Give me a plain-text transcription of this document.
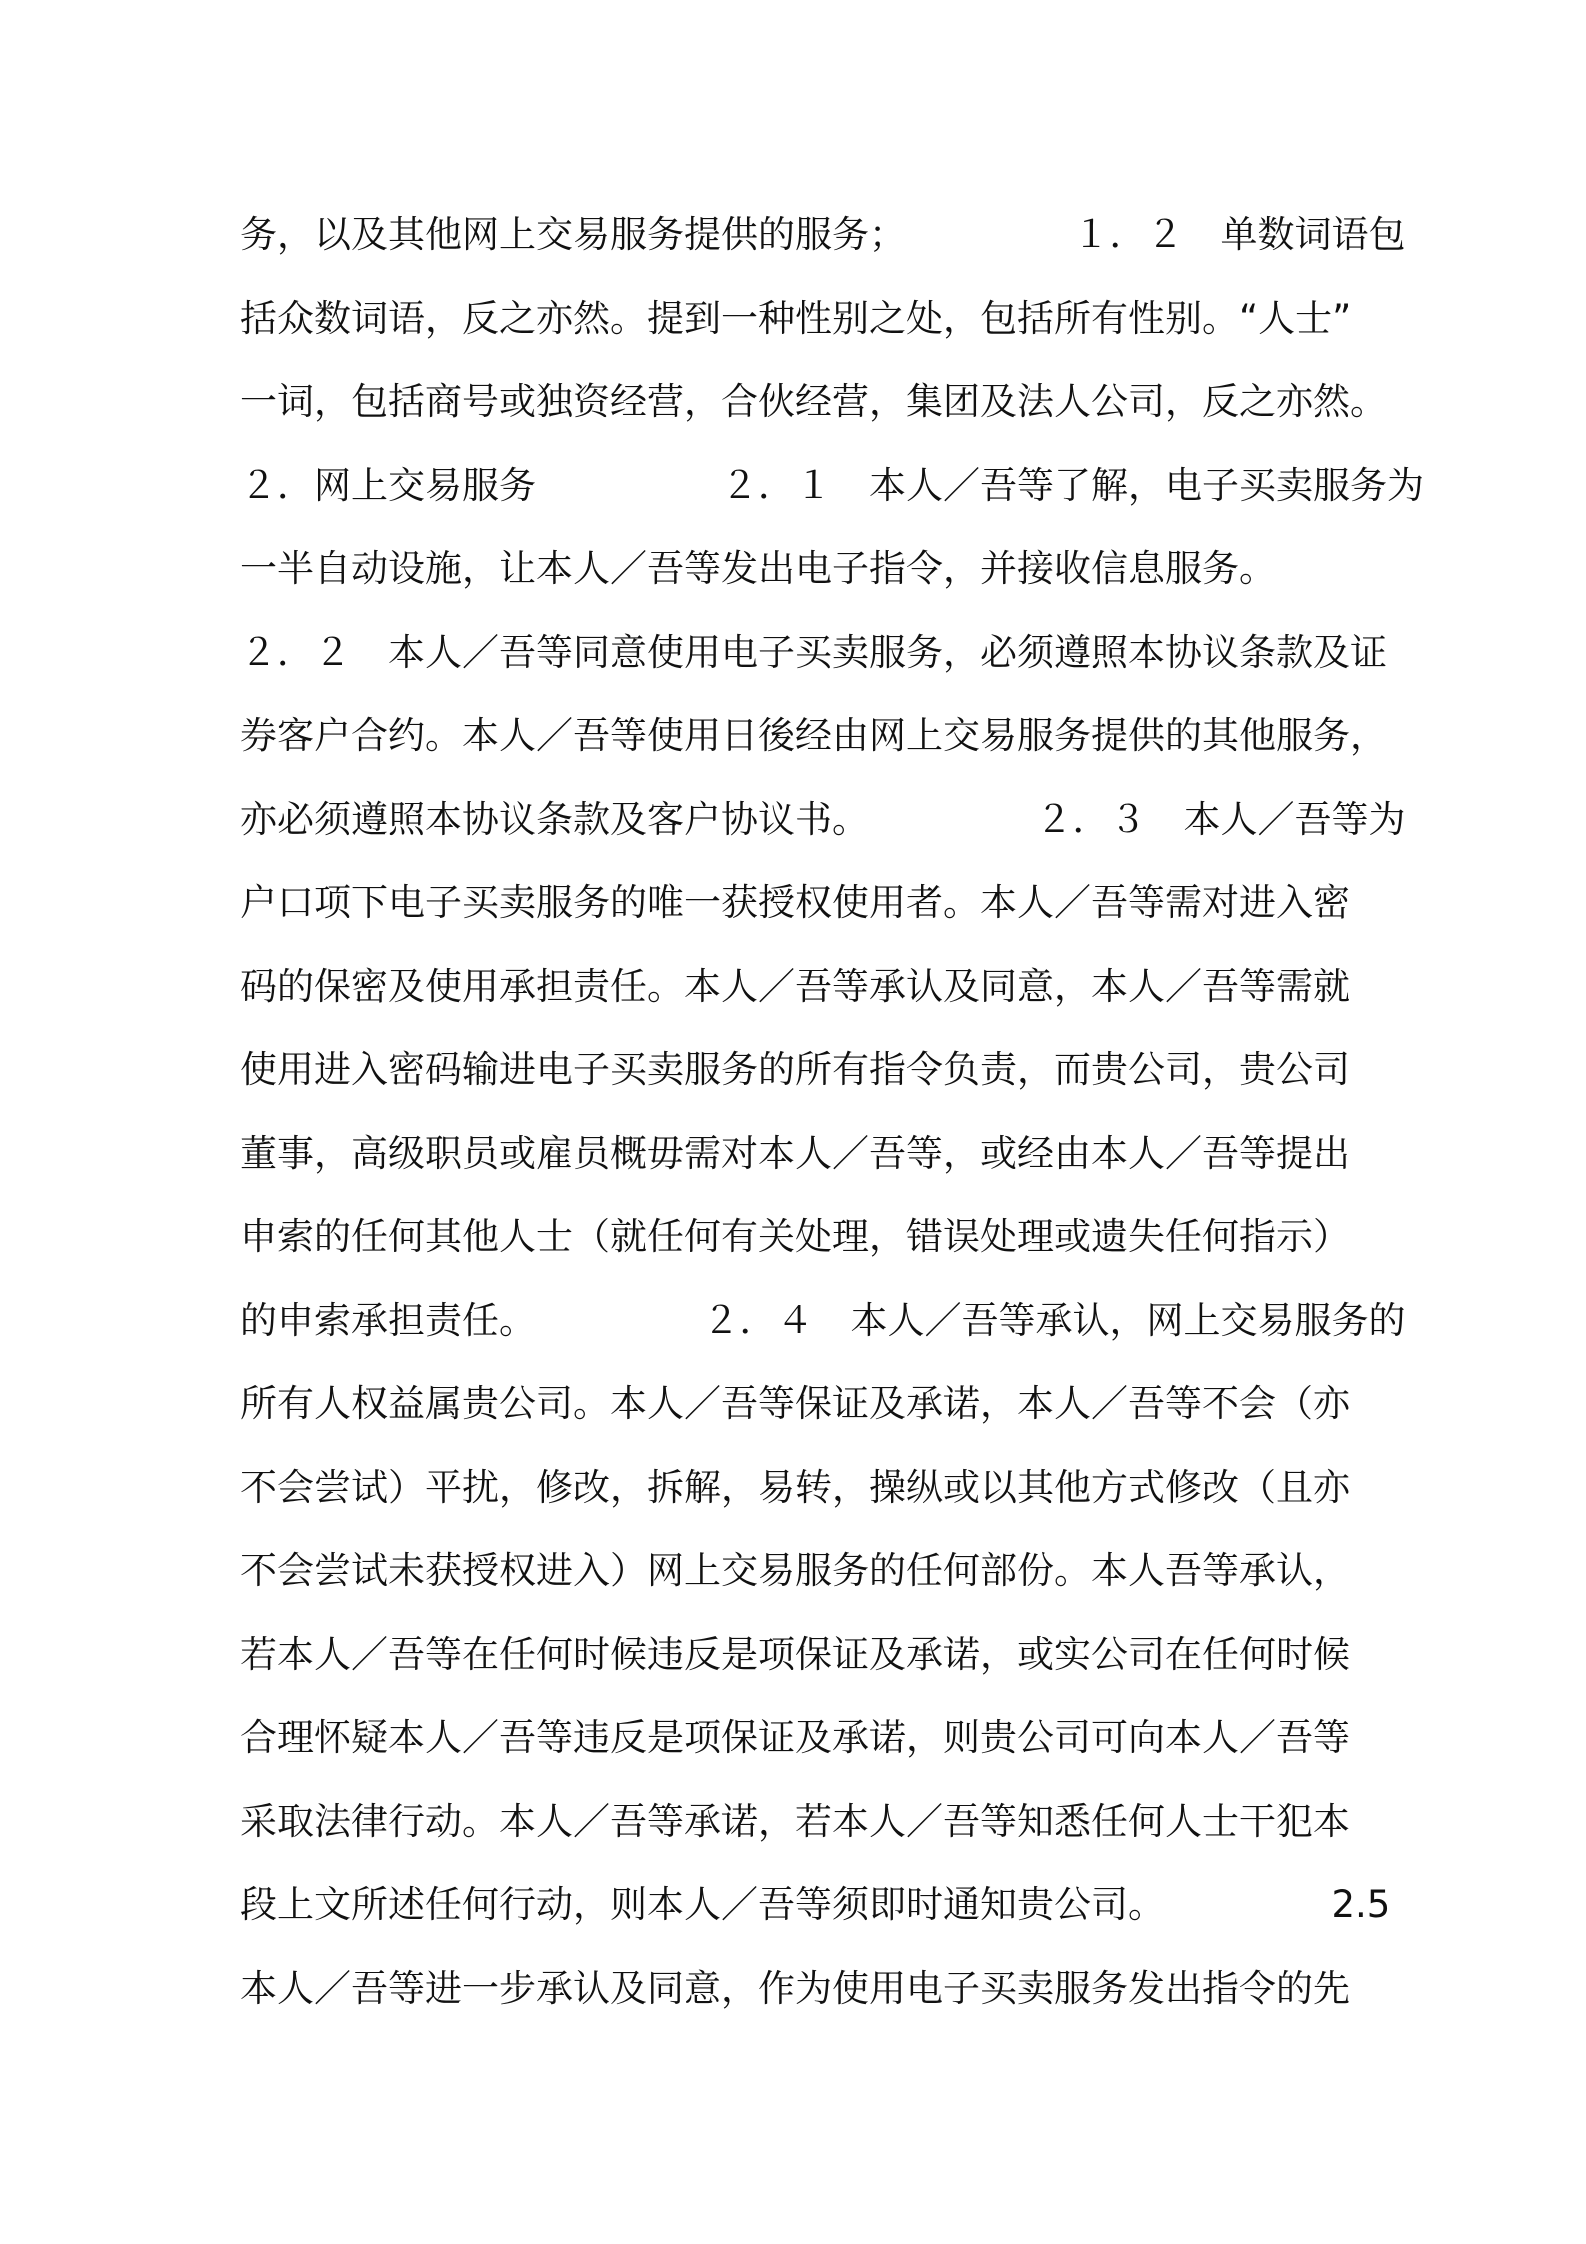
务，以及其他网上交易服务提供的服务；　　　　　１．２　单数词语包
括众数词语，反之亦然。提到一种性别之处，包括所有性别。“人士”
一词，包括商号或独资经营，合伙经营，集团及法人公司，反之亦然。
２．网上交易服务　　　　　２．１　本人／吾等了解，电子买卖服务为
一半自动设施，让本人／吾等发出电子指令，并接收信息服务。
２．２　本人／吾等同意使用电子买卖服务，必须遵照本协议条款及证
券客户合约。本人／吾等使用日後经由网上交易服务提供的其他服务，
亦必须遵照本协议条款及客户协议书。　　　　　２．３　本人／吾等为
户口项下电子买卖服务的唯一获授权使用者。本人／吾等需对进入密
码的保密及使用承担责任。本人／吾等承认及同意，本人／吾等需就
使用进入密码输进电子买卖服务的所有指令负责，而贵公司，贵公司
董事，高级职员或雇员概毋需对本人／吾等，或经由本人／吾等提出
申索的任何其他人士（就任何有关处理，错误处理或遗失任何指示）
的申索承担责任。　　　　　２．４　本人／吾等承认，网上交易服务的
所有人权益属贵公司。本人／吾等保证及承诺，本人／吾等不会（亦
不会尝试）平扰，修改，拆解，易转，操纵或以其他方式修改（且亦
不会尝试未获授权进入）网上交易服务的任何部份。本人吾等承认，
若本人／吾等在任何时候违反是项保证及承诺，或实公司在任何时候
合理怀疑本人／吾等违反是项保证及承诺，则贵公司可向本人／吾等
采取法律行动。本人／吾等承诺，若本人／吾等知悉任何人士干犯本
段上文所述任何行动，则本人／吾等须即时通知贵公司。　　　　　2.5
本人／吾等进一步承认及同意，作为使用电子买卖服务发出指令的先
